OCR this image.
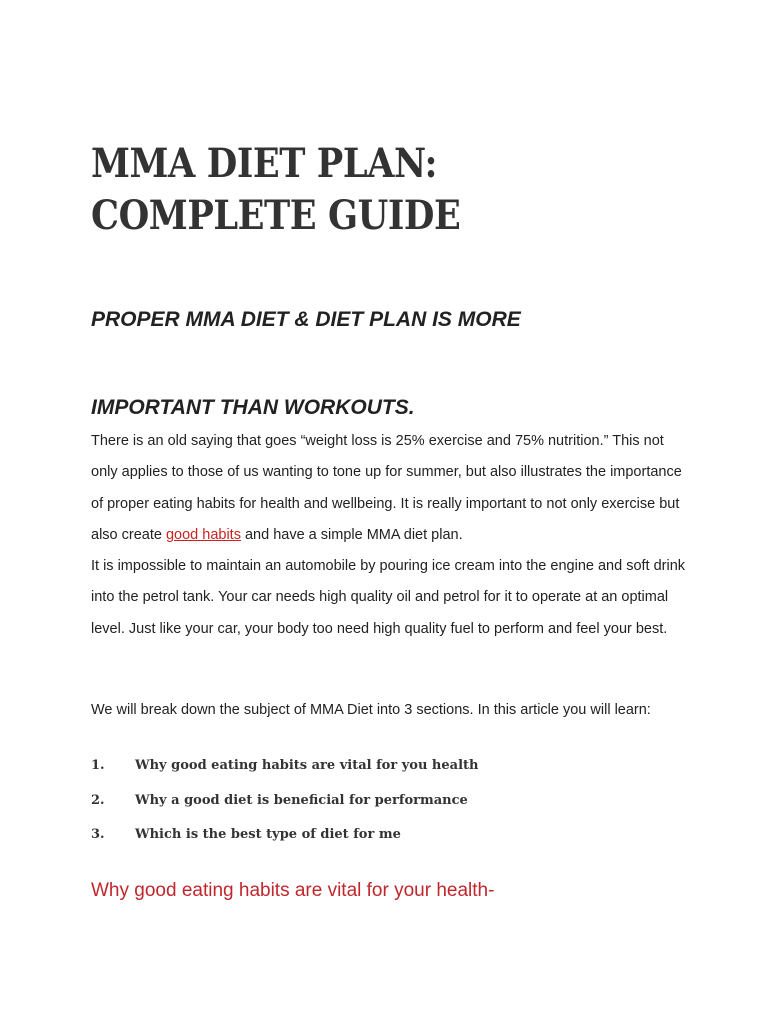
MMA DIET PLAN:
COMPLETE GUIDE
PROPER MMA DIET & DIET PLAN IS MORE
IMPORTANT THAN WORKOUTS.

There is an old saying that goes “weight loss is 25% exercise and 75% nutrition.” This not only applies to those of us wanting to tone up for summer, but also illustrates the importance of proper eating habits for health and wellbeing. It is really important to not only exercise but also create good habits and have a simple MMA diet plan.

It is impossible to maintain an automobile by pouring ice cream into the engine and soft drink into the petrol tank. Your car needs high quality oil and petrol for it to operate at an optimal level. Just like your car, your body too need high quality fuel to perform and feel your best.

We will break down the subject of MMA Diet into 3 sections. In this article you will learn:

1. Why good eating habits are vital for you health
2. Why a good diet is beneficial for performance
3. Which is the best type of diet for me
Why good eating habits are vital for your health-
